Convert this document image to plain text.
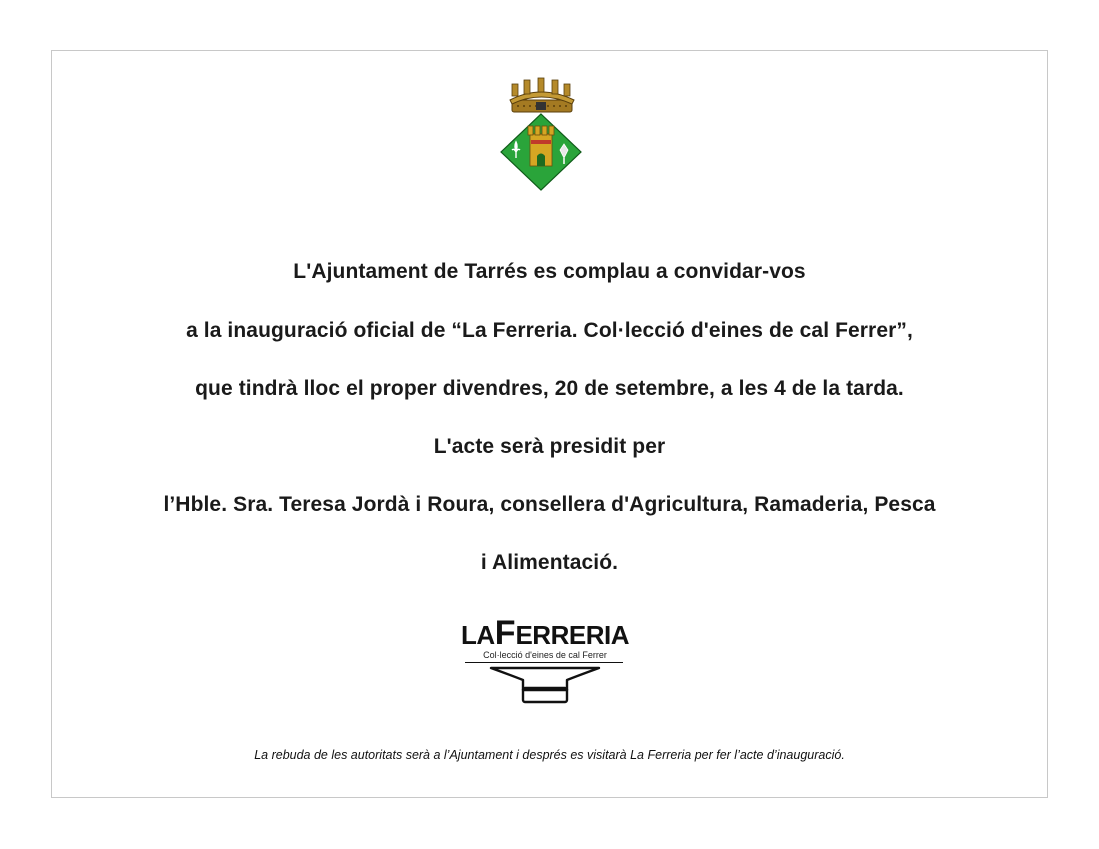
L'Ajuntament de Tarrés es complau a convidar-vos
a la inauguració oficial de “La Ferreria. Col·lecció d'eines de cal Ferrer”,
que tindrà lloc el proper divendres, 20 de setembre, a les 4 de la tarda.
L'acte serà presidit per
l’Hble. Sra. Teresa Jordà i Roura, consellera d'Agricultura, Ramaderia, Pesca
i Alimentació.
LAFERRERIA
Col·lecció d'eines de cal Ferrer
La rebuda de les autoritats serà a l’Ajuntament i després es visitarà La Ferreria per fer l’acte d’inauguració.
